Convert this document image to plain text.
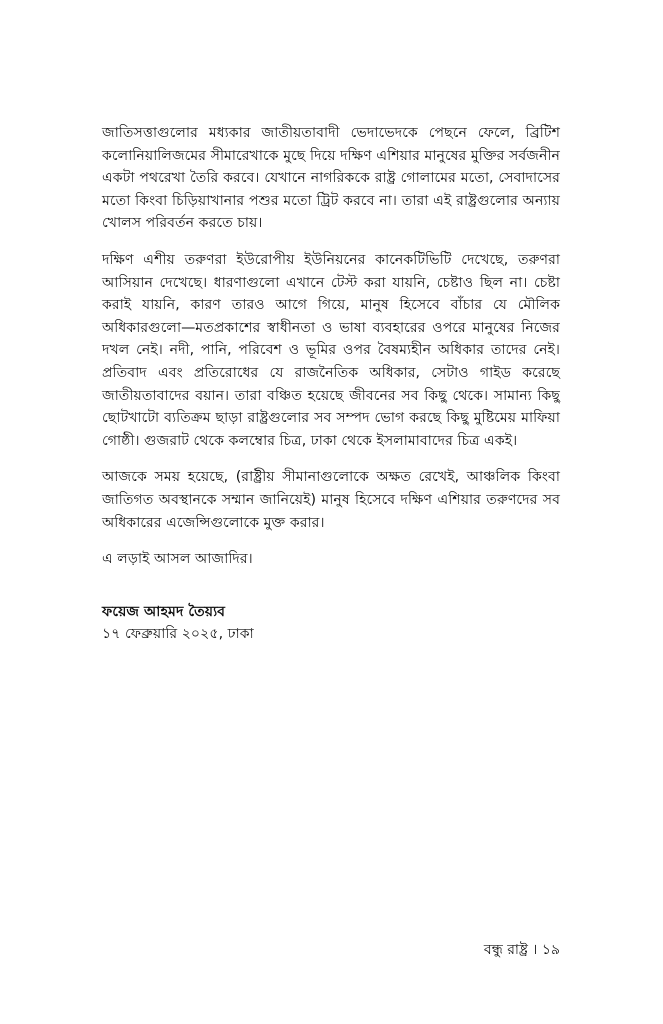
জাতিসত্তাগুলোর মধ্যকার জাতীয়তাবাদী ভেদাভেদকে পেছনে ফেলে, ব্রিটিশ কলোনিয়ালিজমের সীমারেখাকে মুছে দিয়ে দক্ষিণ এশিয়ার মানুষের মুক্তির সর্বজনীন একটা পথরেখা তৈরি করবে। যেখানে নাগরিককে রাষ্ট্র গোলামের মতো, সেবাদাসের মতো কিংবা চিড়িয়াখানার পশুর মতো ট্রিট করবে না। তারা এই রাষ্ট্রগুলোর অন্যায় খোলস পরিবর্তন করতে চায়।

দক্ষিণ এশীয় তরুণরা ইউরোপীয় ইউনিয়নের কানেকটিভিটি দেখেছে, তরুণরা আসিয়ান দেখেছে। ধারণাগুলো এখানে টেস্ট করা যায়নি, চেষ্টাও ছিল না। চেষ্টা করাই যায়নি, কারণ তারও আগে গিয়ে, মানুষ হিসেবে বাঁচার যে মৌলিক অধিকারগুলো—মতপ্রকাশের স্বাধীনতা ও ভাষা ব্যবহারের ওপরে মানুষের নিজের দখল নেই। নদী, পানি, পরিবেশ ও ভূমির ওপর বৈষম্যহীন অধিকার তাদের নেই। প্রতিবাদ এবং প্রতিরোধের যে রাজনৈতিক অধিকার, সেটাও গাইড করেছে জাতীয়তাবাদের বয়ান। তারা বঞ্চিত হয়েছে জীবনের সব কিছু থেকে। সামান্য কিছু ছোটখাটো ব্যতিক্রম ছাড়া রাষ্ট্রগুলোর সব সম্পদ ভোগ করছে কিছু মুষ্টিমেয় মাফিয়া গোষ্ঠী। গুজরাট থেকে কলম্বোর চিত্র, ঢাকা থেকে ইসলামাবাদের চিত্র একই।

আজকে সময় হয়েছে, (রাষ্ট্রীয় সীমানাগুলোকে অক্ষত রেখেই, আঞ্চলিক কিংবা জাতিগত অবস্থানকে সম্মান জানিয়েই) মানুষ হিসেবে দক্ষিণ এশিয়ার তরুণদের সব অধিকারের এজেন্সিগুলোকে মুক্ত করার।

এ লড়াই আসল আজাদির।

ফয়েজ আহমদ তৈয়্যব

১৭ ফেব্রুয়ারি ২০২৫, ঢাকা

বন্ধু রাষ্ট্র । ১৯
